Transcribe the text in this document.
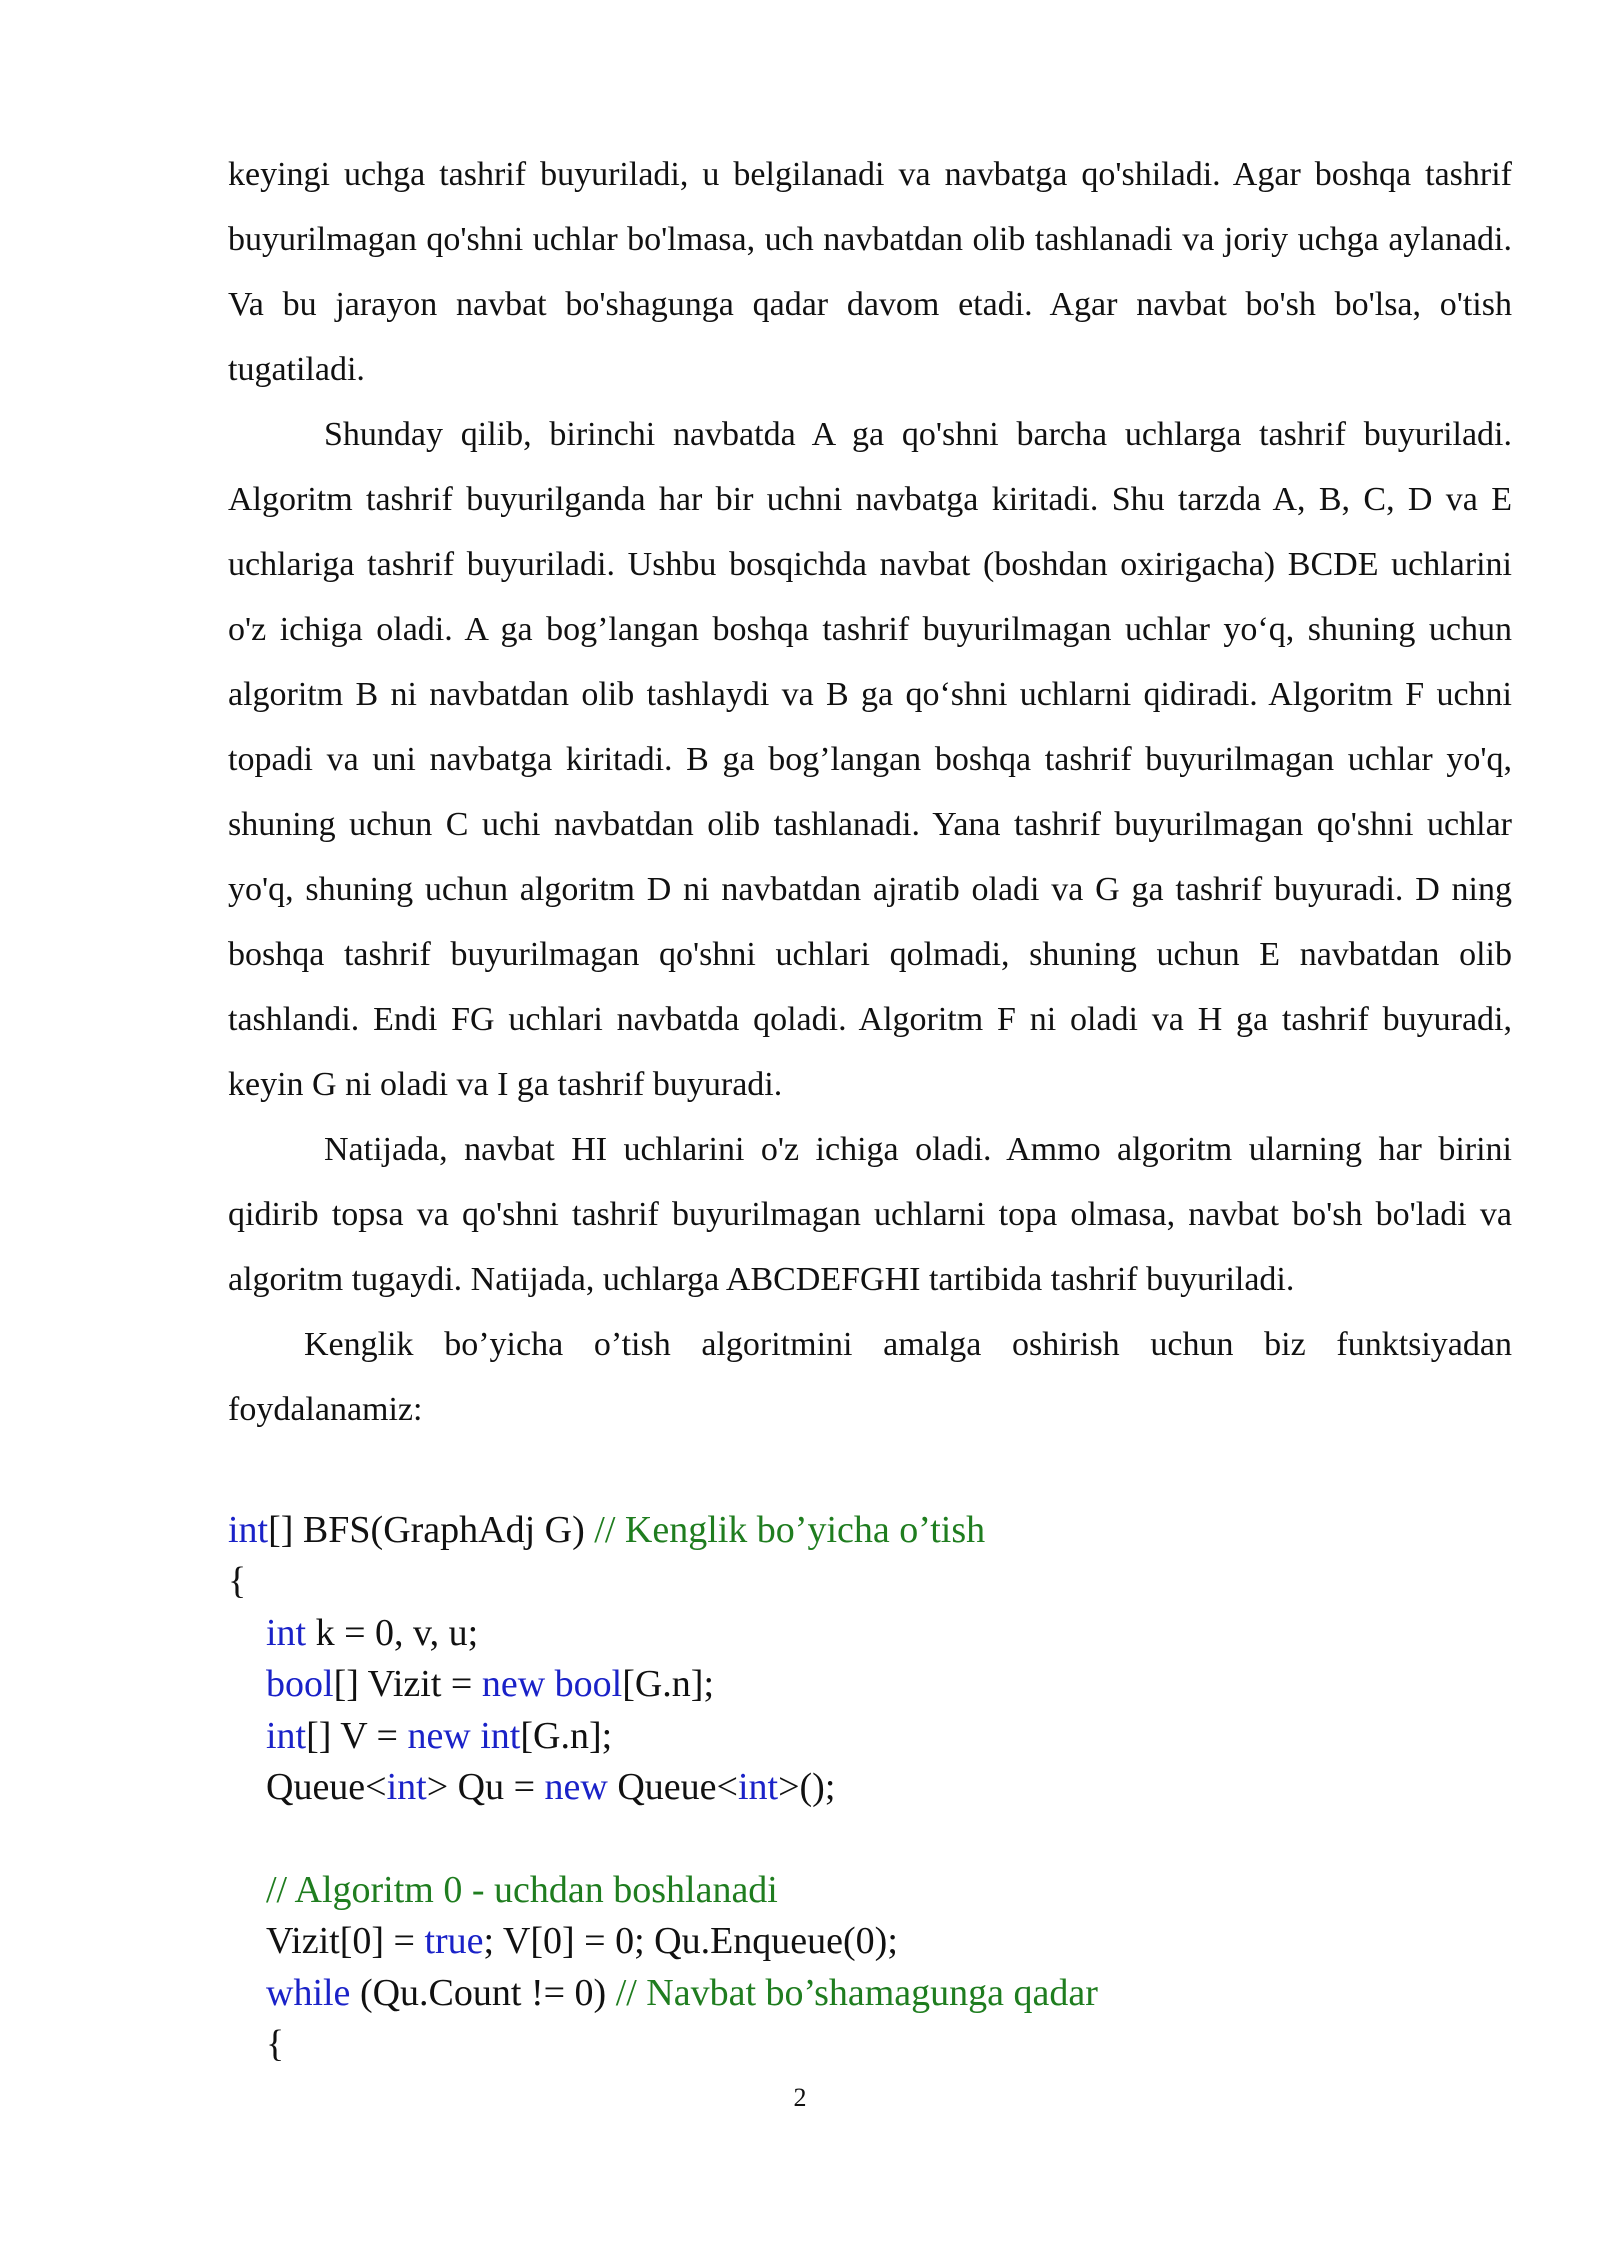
keyingi uchga tashrif buyuriladi, u belgilanadi va navbatga qo'shiladi. Agar boshqa tashrif buyurilmagan qo'shni uchlar bo'lmasa, uch navbatdan olib tashlanadi va joriy uchga aylanadi. Va bu jarayon navbat bo'shagunga qadar davom etadi. Agar navbat bo'sh bo'lsa, o'tish tugatiladi.

Shunday qilib, birinchi navbatda A ga qo'shni barcha uchlarga tashrif buyuriladi. Algoritm tashrif buyurilganda har bir uchni navbatga kiritadi. Shu tarzda A, B, C, D va E uchlariga tashrif buyuriladi. Ushbu bosqichda navbat (boshdan oxirigacha) BCDE uchlarini o'z ichiga oladi. A ga bog’langan boshqa tashrif buyurilmagan uchlar yo‘q, shuning uchun algoritm B ni navbatdan olib tashlaydi va B ga qo‘shni uchlarni qidiradi. Algoritm F uchni topadi va uni navbatga kiritadi. B ga bog’langan boshqa tashrif buyurilmagan uchlar yo'q, shuning uchun C uchi navbatdan olib tashlanadi. Yana tashrif buyurilmagan qo'shni uchlar yo'q, shuning uchun algoritm D ni navbatdan ajratib oladi va G ga tashrif buyuradi. D ning boshqa tashrif buyurilmagan qo'shni uchlari qolmadi, shuning uchun E navbatdan olib tashlandi. Endi FG uchlari navbatda qoladi. Algoritm F ni oladi va H ga tashrif buyuradi, keyin G ni oladi va I ga tashrif buyuradi.

Natijada, navbat HI uchlarini o'z ichiga oladi. Ammo algoritm ularning har birini qidirib topsa va qo'shni tashrif buyurilmagan uchlarni topa olmasa, navbat bo'sh bo'ladi va algoritm tugaydi. Natijada, uchlarga ABCDEFGHI tartibida tashrif buyuriladi.

Kenglik bo’yicha o’tish algoritmini amalga oshirish uchun biz funktsiyadan foydalanamiz:

int[] BFS(GraphAdj G) // Kenglik bo’yicha o’tish
{
int k = 0, v, u;
bool[] Vizit = new bool[G.n];
int[] V = new int[G.n];
Queue<int> Qu = new Queue<int>();
// Algoritm 0 - uchdan boshlanadi
Vizit[0] = true; V[0] = 0; Qu.Enqueue(0);
while (Qu.Count != 0) // Navbat bo’shamagunga qadar
{
2
